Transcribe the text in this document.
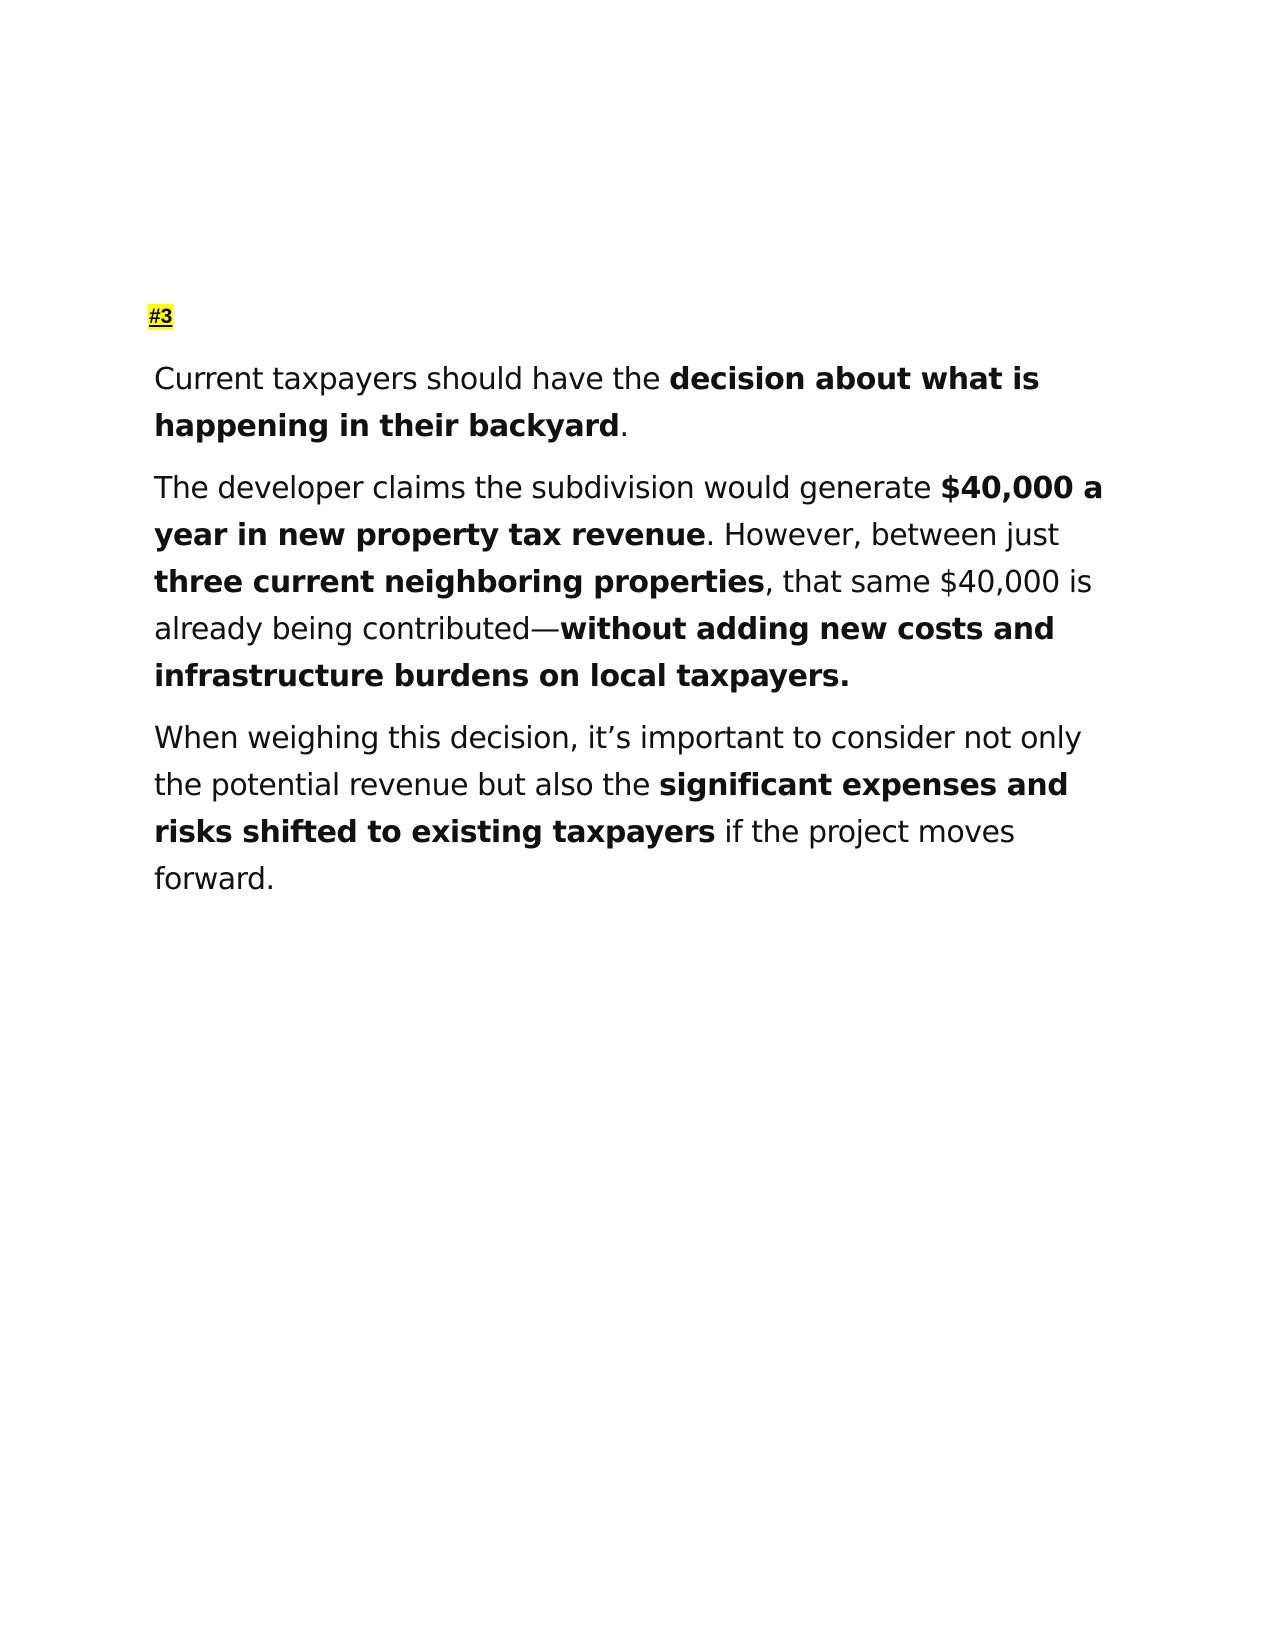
#3

Current taxpayers should have the decision about what is happening in their backyard.

The developer claims the subdivision would generate $40,000 a year in new property tax revenue. However, between just three current neighboring properties, that same $40,000 is already being contributed—without adding new costs and infrastructure burdens on local taxpayers.

When weighing this decision, it’s important to consider not only the potential revenue but also the significant expenses and risks shifted to existing taxpayers if the project moves forward.
